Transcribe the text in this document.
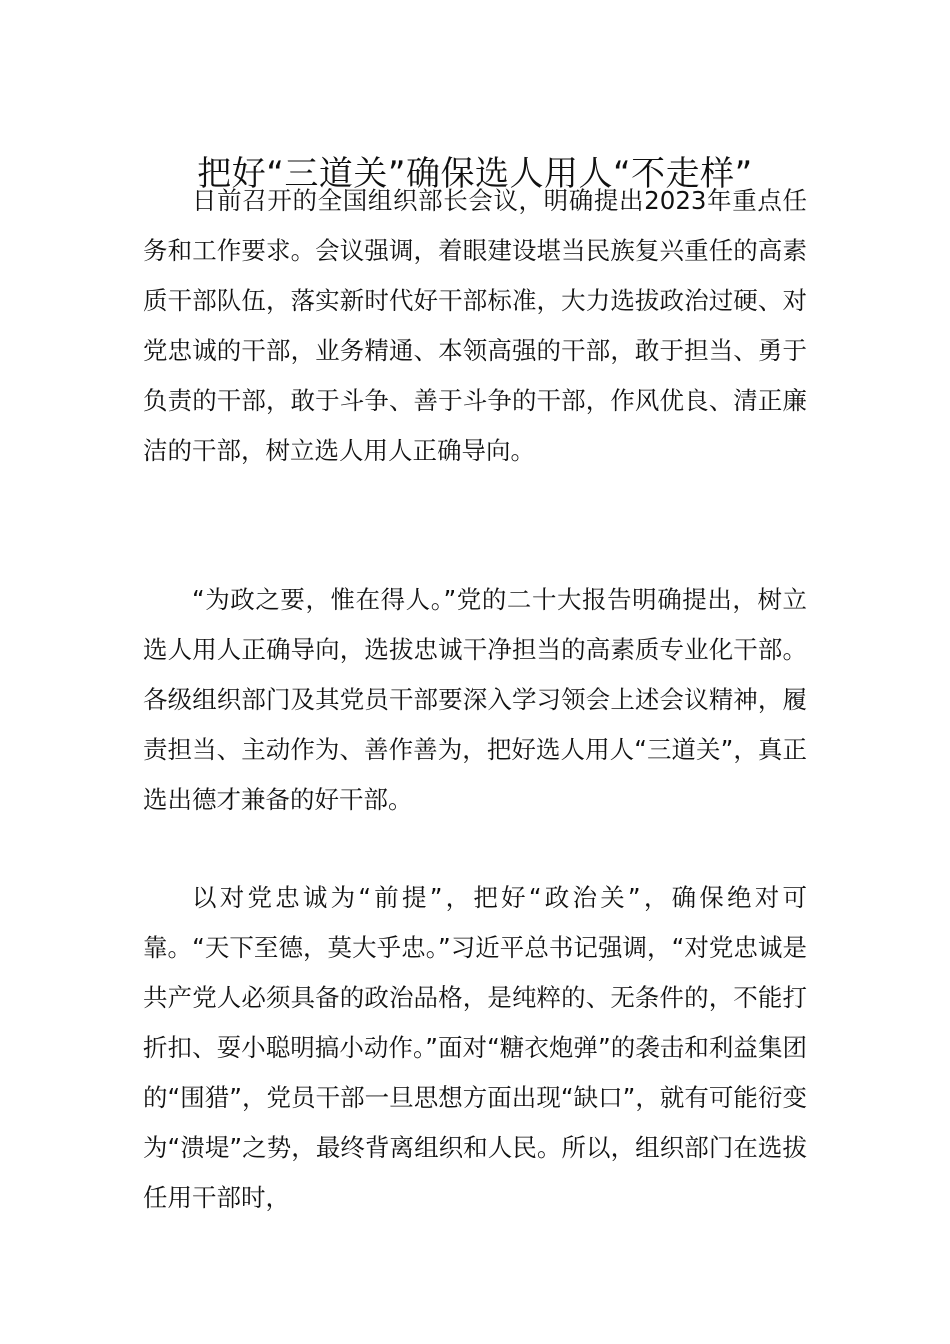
把好“三道关”确保选人用人“不走样”

日前召开的全国组织部长会议，明确提出2023年重点任务和工作要求。会议强调，着眼建设堪当民族复兴重任的高素质干部队伍，落实新时代好干部标准，大力选拔政治过硬、对党忠诚的干部，业务精通、本领高强的干部，敢于担当、勇于负责的干部，敢于斗争、善于斗争的干部，作风优良、清正廉洁的干部，树立选人用人正确导向。

“为政之要，惟在得人。”党的二十大报告明确提出，树立选人用人正确导向，选拔忠诚干净担当的高素质专业化干部。各级组织部门及其党员干部要深入学习领会上述会议精神，履责担当、主动作为、善作善为，把好选人用人“三道关”，真正选出德才兼备的好干部。

以对党忠诚为“前提”，把好“政治关”，确保绝对可靠。“天下至德，莫大乎忠。”习近平总书记强调，“对党忠诚是共产党人必须具备的政治品格，是纯粹的、无条件的，不能打折扣、耍小聪明搞小动作。”面对“糖衣炮弹”的袭击和利益集团的“围猎”，党员干部一旦思想方面出现“缺口”，就有可能衍变为“溃堤”之势，最终背离组织和人民。所以，组织部门在选拔任用干部时，
